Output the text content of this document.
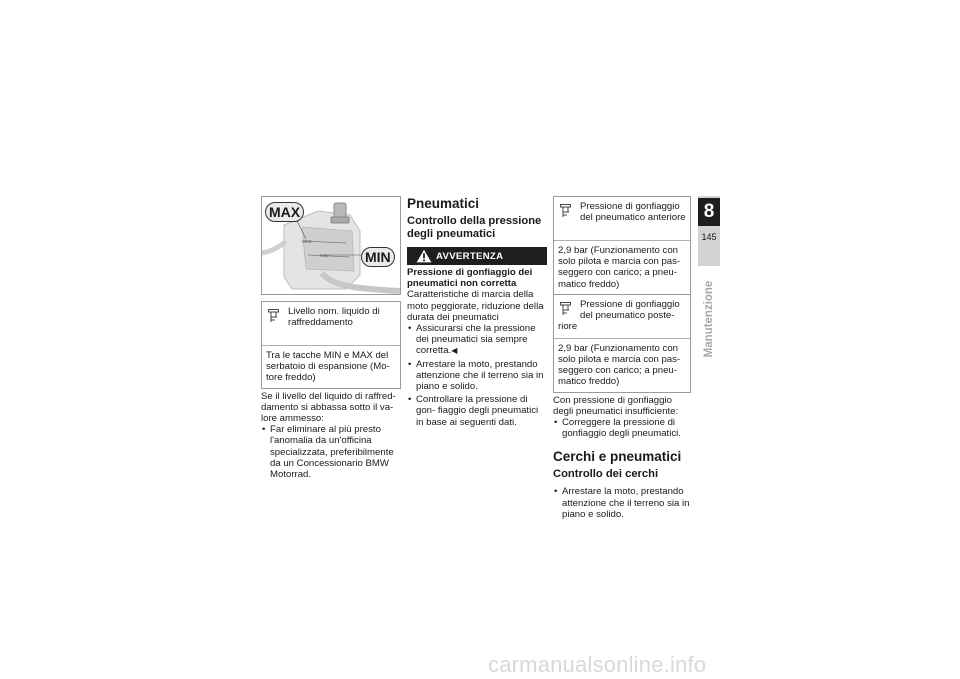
MAX
MIN
MAX
MIN
Livello nom. liquido di raffreddamento
Tra le tacche MIN e MAX del serbatoio di espansione (Mo- tore freddo)
Se il livello del liquido di raffred- damento si abbassa sotto il va- lore ammesso:
• Far eliminare al più presto l'anomalia da un'officina specializzata, preferibilmente da un Concessionario BMW Motorrad.
Pneumatici
Controllo della pressione degli pneumatici
AVVERTENZA
Pressione di gonfiaggio dei pneumatici non corretta
Caratteristiche di marcia della moto peggiorate, riduzione della durata dei pneumatici
• Assicurarsi che la pressione dei pneumatici sia sempre corretta.◀
• Arrestare la moto, prestando attenzione che il terreno sia in piano e solido.
• Controllare la pressione di gon- fiaggio degli pneumatici in base ai seguenti dati.
Pressione di gonfiaggio del pneumatico anteriore
2,9 bar (Funzionamento con solo pilota e marcia con pas- seggero con carico; a pneu- matico freddo)
Pressione di gonfiaggio del pneumatico poste-
riore
2,9 bar (Funzionamento con solo pilota e marcia con pas- seggero con carico; a pneu- matico freddo)
Con pressione di gonfiaggio degli pneumatici insufficiente:
• Correggere la pressione di gonfiaggio degli pneumatici.
Cerchi e pneumatici
Controllo dei cerchi
• Arrestare la moto, prestando attenzione che il terreno sia in piano e solido.
8
145
Manutenzione
carmanualsonline.info
